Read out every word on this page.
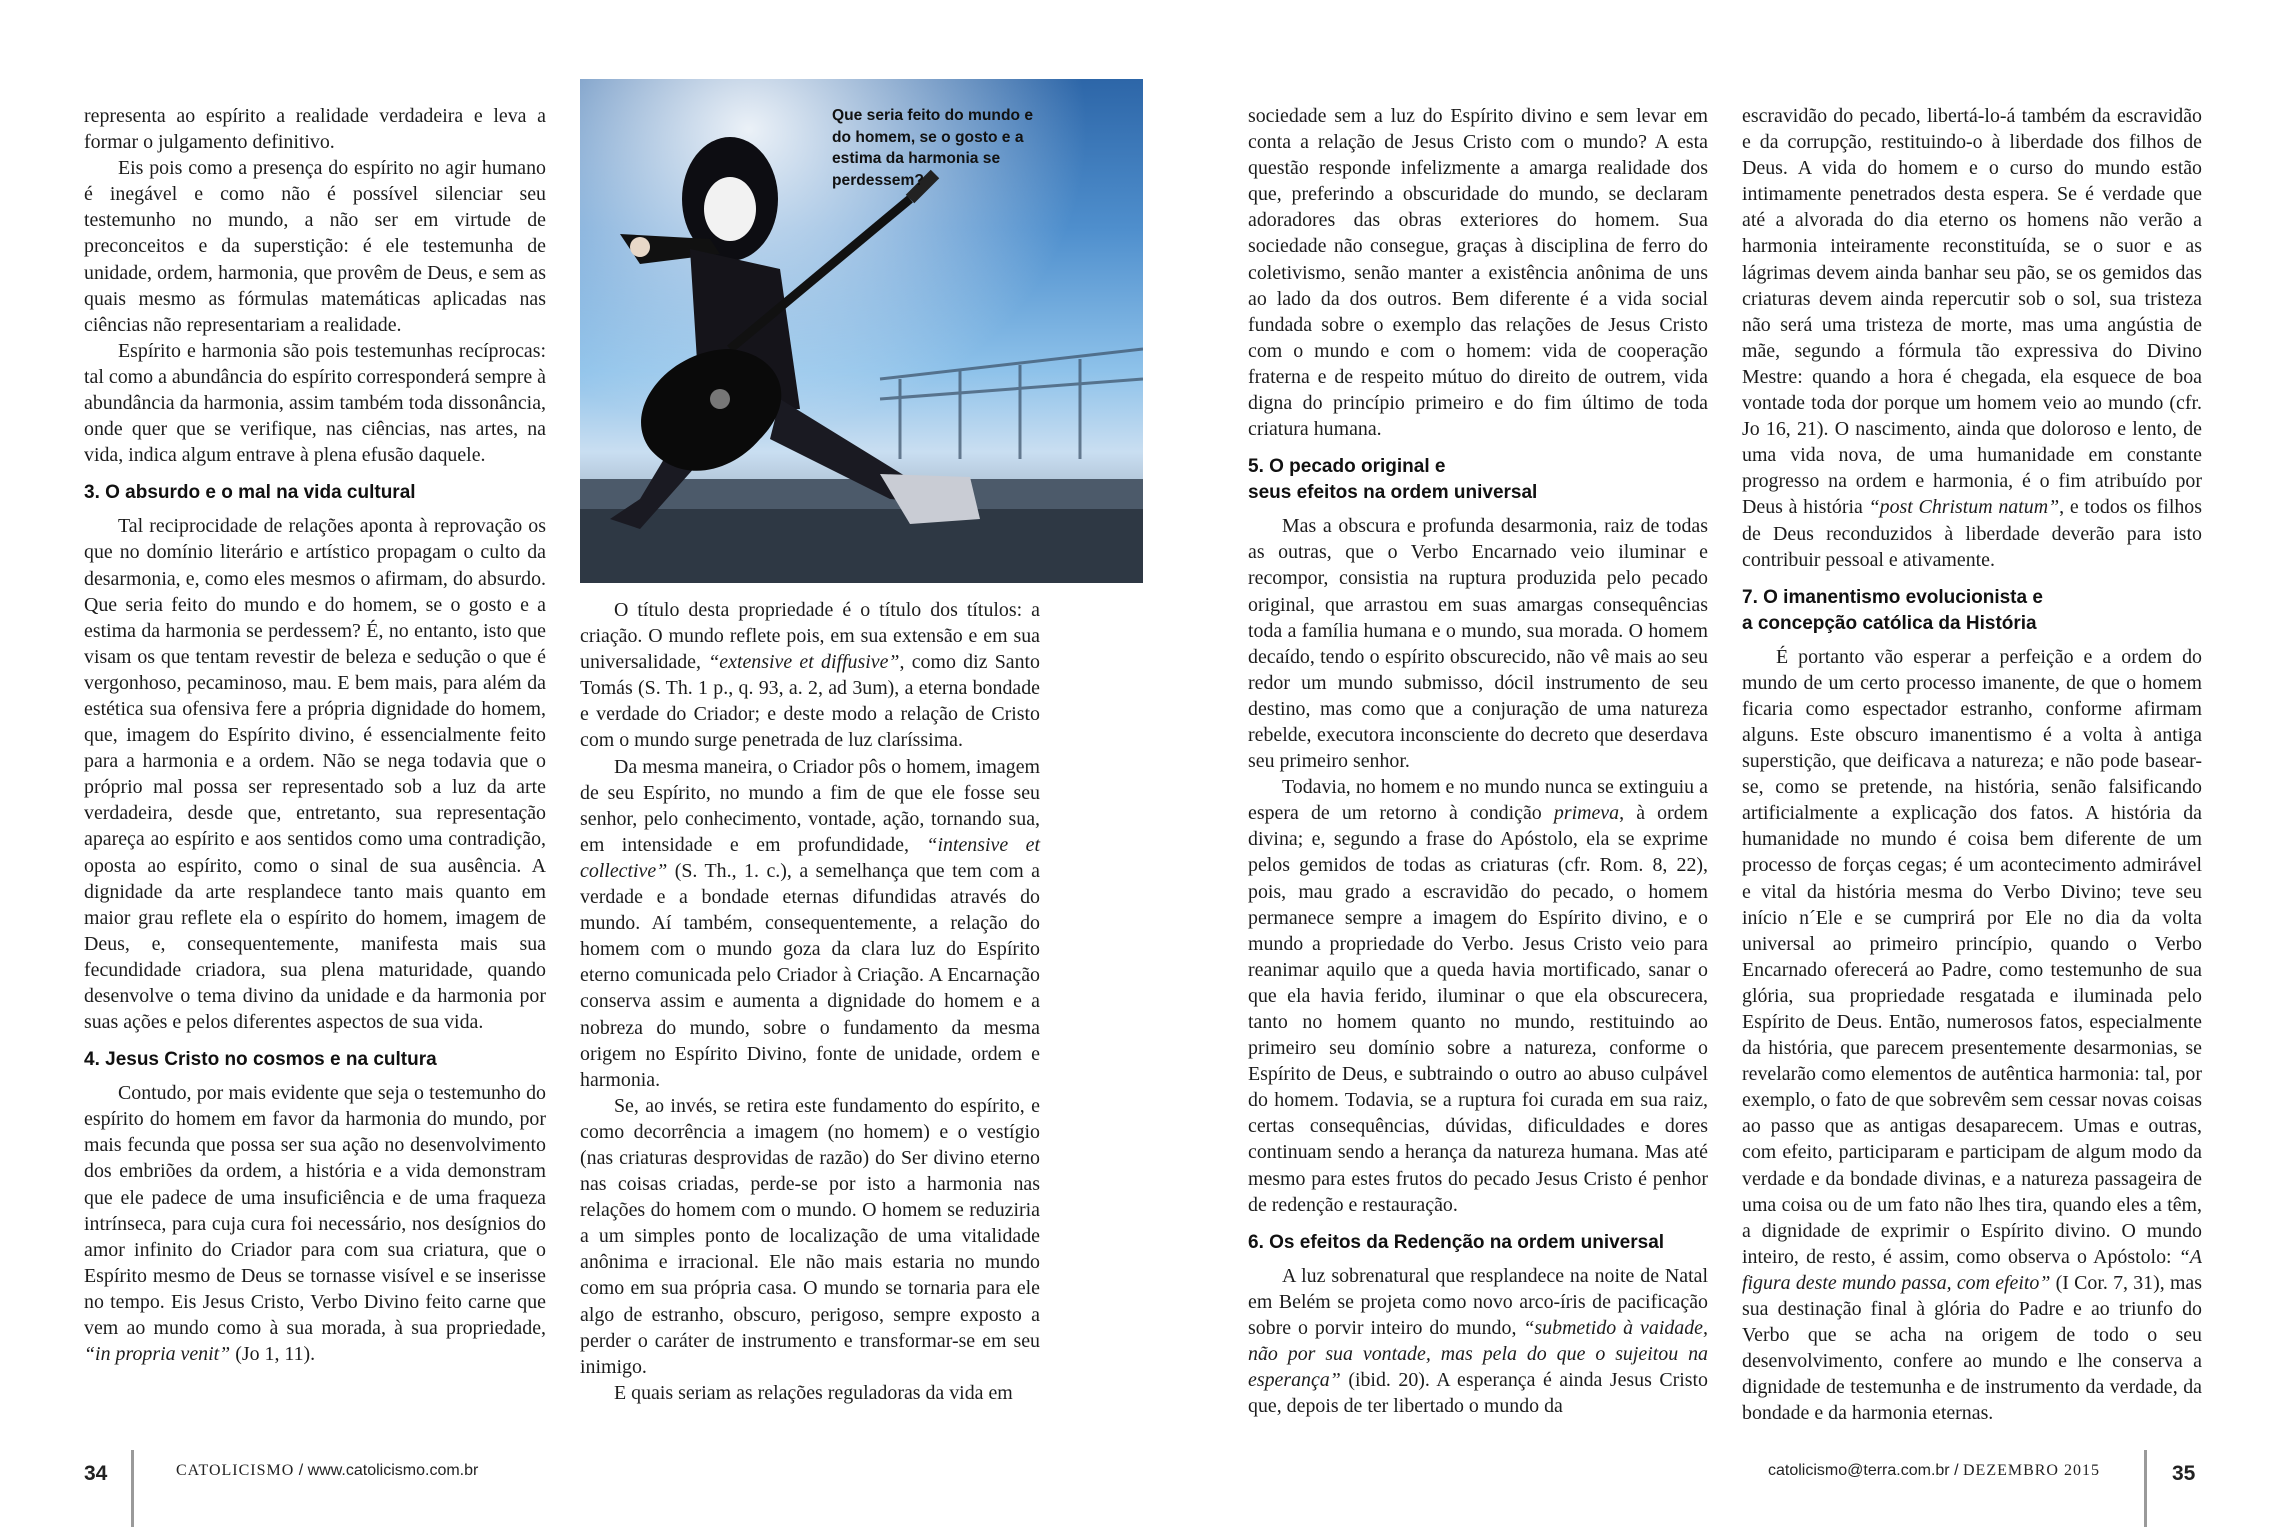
representa ao espírito a realidade verdadeira e leva a formar o julgamento definitivo.

Eis pois como a presença do espírito no agir humano é inegável e como não é possível silenciar seu testemunho no mundo, a não ser em virtude de preconceitos e da superstição: é ele testemunha de unidade, ordem, harmonia, que provêm de Deus, e sem as quais mesmo as fórmulas matemáticas aplicadas nas ciências não representariam a realidade.

Espírito e harmonia são pois testemunhas recíprocas: tal como a abundância do espírito corresponderá sempre à abundância da harmonia, assim também toda dissonância, onde quer que se verifique, nas ciências, nas artes, na vida, indica algum entrave à plena efusão daquele.

3. O absurdo e o mal na vida cultural

Tal reciprocidade de relações aponta à reprovação os que no domínio literário e artístico propagam o culto da desarmonia, e, como eles mesmos o afirmam, do absurdo. Que seria feito do mundo e do homem, se o gosto e a estima da harmonia se perdessem? É, no entanto, isto que visam os que tentam revestir de beleza e sedução o que é vergonhoso, pecaminoso, mau. E bem mais, para além da estética sua ofensiva fere a própria dignidade do homem, que, imagem do Espírito divino, é essencialmente feito para a harmonia e a ordem. Não se nega todavia que o próprio mal possa ser representado sob a luz da arte verdadeira, desde que, entretanto, sua representação apareça ao espírito e aos sentidos como uma contradição, oposta ao espírito, como o sinal de sua ausência. A dignidade da arte resplandece tanto mais quanto em maior grau reflete ela o espírito do homem, imagem de Deus, e, consequentemente, manifesta mais sua fecundidade criadora, sua plena maturidade, quando desenvolve o tema divino da unidade e da harmonia por suas ações e pelos diferentes aspectos de sua vida.

4. Jesus Cristo no cosmos e na cultura

Contudo, por mais evidente que seja o testemunho do espírito do homem em favor da harmonia do mundo, por mais fecunda que possa ser sua ação no desenvolvimento dos embriões da ordem, a história e a vida demonstram que ele padece de uma insuficiência e de uma fraqueza intrínseca, para cuja cura foi necessário, nos desígnios do amor infinito do Criador para com sua criatura, que o Espírito mesmo de Deus se tornasse visível e se inserisse no tempo. Eis Jesus Cristo, Verbo Divino feito carne que vem ao mundo como à sua morada, à sua propriedade, “in propria venit” (Jo 1, 11).

Que seria feito do mundo e do homem, se o gosto e a estima da harmonia se perdessem?

O título desta propriedade é o título dos títulos: a criação. O mundo reflete pois, em sua extensão e em sua universalidade, “extensive et diffusive”, como diz Santo Tomás (S. Th. 1 p., q. 93, a. 2, ad 3um), a eterna bondade e verdade do Criador; e deste modo a relação de Cristo com o mundo surge penetrada de luz claríssima.

Da mesma maneira, o Criador pôs o homem, imagem de seu Espírito, no mundo a fim de que ele fosse seu senhor, pelo conhecimento, vontade, ação, tornando sua, em intensidade e em profundidade, “intensive et collective” (S. Th., 1. c.), a semelhança que tem com a verdade e a bondade eternas difundidas através do mundo. Aí também, consequentemente, a relação do homem com o mundo goza da clara luz do Espírito eterno comunicada pelo Criador à Criação. A Encarnação conserva assim e aumenta a dignidade do homem e a nobreza do mundo, sobre o fundamento da mesma origem no Espírito Divino, fonte de unidade, ordem e harmonia.

Se, ao invés, se retira este fundamento do espírito, e como decorrência a imagem (no homem) e o vestígio (nas criaturas desprovidas de razão) do Ser divino eterno nas coisas criadas, perde-se por isto a harmonia nas relações do homem com o mundo. O homem se reduziria a um simples ponto de localização de uma vitalidade anônima e irracional. Ele não mais estaria no mundo como em sua própria casa. O mundo se tornaria para ele algo de estranho, obscuro, perigoso, sempre exposto a perder o caráter de instrumento e transformar-se em seu inimigo.

E quais seriam as relações reguladoras da vida em

sociedade sem a luz do Espírito divino e sem levar em conta a relação de Jesus Cristo com o mundo? A esta questão responde infelizmente a amarga realidade dos que, preferindo a obscuridade do mundo, se declaram adoradores das obras exteriores do homem. Sua sociedade não consegue, graças à disciplina de ferro do coletivismo, senão manter a existência anônima de uns ao lado da dos outros. Bem diferente é a vida social fundada sobre o exemplo das relações de Jesus Cristo com o mundo e com o homem: vida de cooperação fraterna e de respeito mútuo do direito de outrem, vida digna do princípio primeiro e do fim último de toda criatura humana.

5. O pecado original e
seus efeitos na ordem universal

Mas a obscura e profunda desarmonia, raiz de todas as outras, que o Verbo Encarnado veio iluminar e recompor, consistia na ruptura produzida pelo pecado original, que arrastou em suas amargas consequências toda a família humana e o mundo, sua morada. O homem decaído, tendo o espírito obscurecido, não vê mais ao seu redor um mundo submisso, dócil instrumento de seu destino, mas como que a conjuração de uma natureza rebelde, executora inconsciente do decreto que deserdava seu primeiro senhor.

Todavia, no homem e no mundo nunca se extinguiu a espera de um retorno à condição primeva, à ordem divina; e, segundo a frase do Apóstolo, ela se exprime pelos gemidos de todas as criaturas (cfr. Rom. 8, 22), pois, mau grado a escravidão do pecado, o homem permanece sempre a imagem do Espírito divino, e o mundo a propriedade do Verbo. Jesus Cristo veio para reanimar aquilo que a queda havia mortificado, sanar o que ela havia ferido, iluminar o que ela obscurecera, tanto no homem quanto no mundo, restituindo ao primeiro seu domínio sobre a natureza, conforme o Espírito de Deus, e subtraindo o outro ao abuso culpável do homem. Todavia, se a ruptura foi curada em sua raiz, certas consequências, dúvidas, dificuldades e dores continuam sendo a herança da natureza humana. Mas até mesmo para estes frutos do pecado Jesus Cristo é penhor de redenção e restauração.

6. Os efeitos da Redenção na ordem universal

A luz sobrenatural que resplandece na noite de Natal em Belém se projeta como novo arco-íris de pacificação sobre o porvir inteiro do mundo, “submetido à vaidade, não por sua vontade, mas pela do que o sujeitou na esperança” (ibid. 20). A esperança é ainda Jesus Cristo que, depois de ter libertado o mundo da

escravidão do pecado, libertá-lo-á também da escravidão e da corrupção, restituindo-o à liberdade dos filhos de Deus. A vida do homem e o curso do mundo estão intimamente penetrados desta espera. Se é verdade que até a alvorada do dia eterno os homens não verão a harmonia inteiramente reconstituída, se o suor e as lágrimas devem ainda banhar seu pão, se os gemidos das criaturas devem ainda repercutir sob o sol, sua tristeza não será uma tristeza de morte, mas uma angústia de mãe, segundo a fórmula tão expressiva do Divino Mestre: quando a hora é chegada, ela esquece de boa vontade toda dor porque um homem veio ao mundo (cfr. Jo 16, 21). O nascimento, ainda que doloroso e lento, de uma vida nova, de uma humanidade em constante progresso na ordem e harmonia, é o fim atribuído por Deus à história “post Christum natum”, e todos os filhos de Deus reconduzidos à liberdade deverão para isto contribuir pessoal e ativamente.

7. O imanentismo evolucionista e
a concepção católica da História

É portanto vão esperar a perfeição e a ordem do mundo de um certo processo imanente, de que o homem ficaria como espectador estranho, conforme afirmam alguns. Este obscuro imanentismo é a volta à antiga superstição, que deificava a natureza; e não pode basear-se, como se pretende, na história, senão falsificando artificialmente a explicação dos fatos. A história da humanidade no mundo é coisa bem diferente de um processo de forças cegas; é um acontecimento admirável e vital da história mesma do Verbo Divino; teve seu início n´Ele e se cumprirá por Ele no dia da volta universal ao primeiro princípio, quando o Verbo Encarnado oferecerá ao Padre, como testemunho de sua glória, sua propriedade resgatada e iluminada pelo Espírito de Deus. Então, numerosos fatos, especialmente da história, que parecem presentemente desarmonias, se revelarão como elementos de autêntica harmonia: tal, por exemplo, o fato de que sobrevêm sem cessar novas coisas ao passo que as antigas desaparecem. Umas e outras, com efeito, participaram e participam de algum modo da verdade e da bondade divinas, e a natureza passageira de uma coisa ou de um fato não lhes tira, quando eles a têm, a dignidade de exprimir o Espírito divino. O mundo inteiro, de resto, é assim, como observa o Apóstolo: “A figura deste mundo passa, com efeito” (I Cor. 7, 31), mas sua destinação final à glória do Padre e ao triunfo do Verbo que se acha na origem de todo o seu desenvolvimento, confere ao mundo e lhe conserva a dignidade de testemunha e de instrumento da verdade, da bondade e da harmonia eternas.

34	CATOLICISMO / www.catolicismo.com.br	catolicismo@terra.com.br / DEZEMBRO 2015	35
